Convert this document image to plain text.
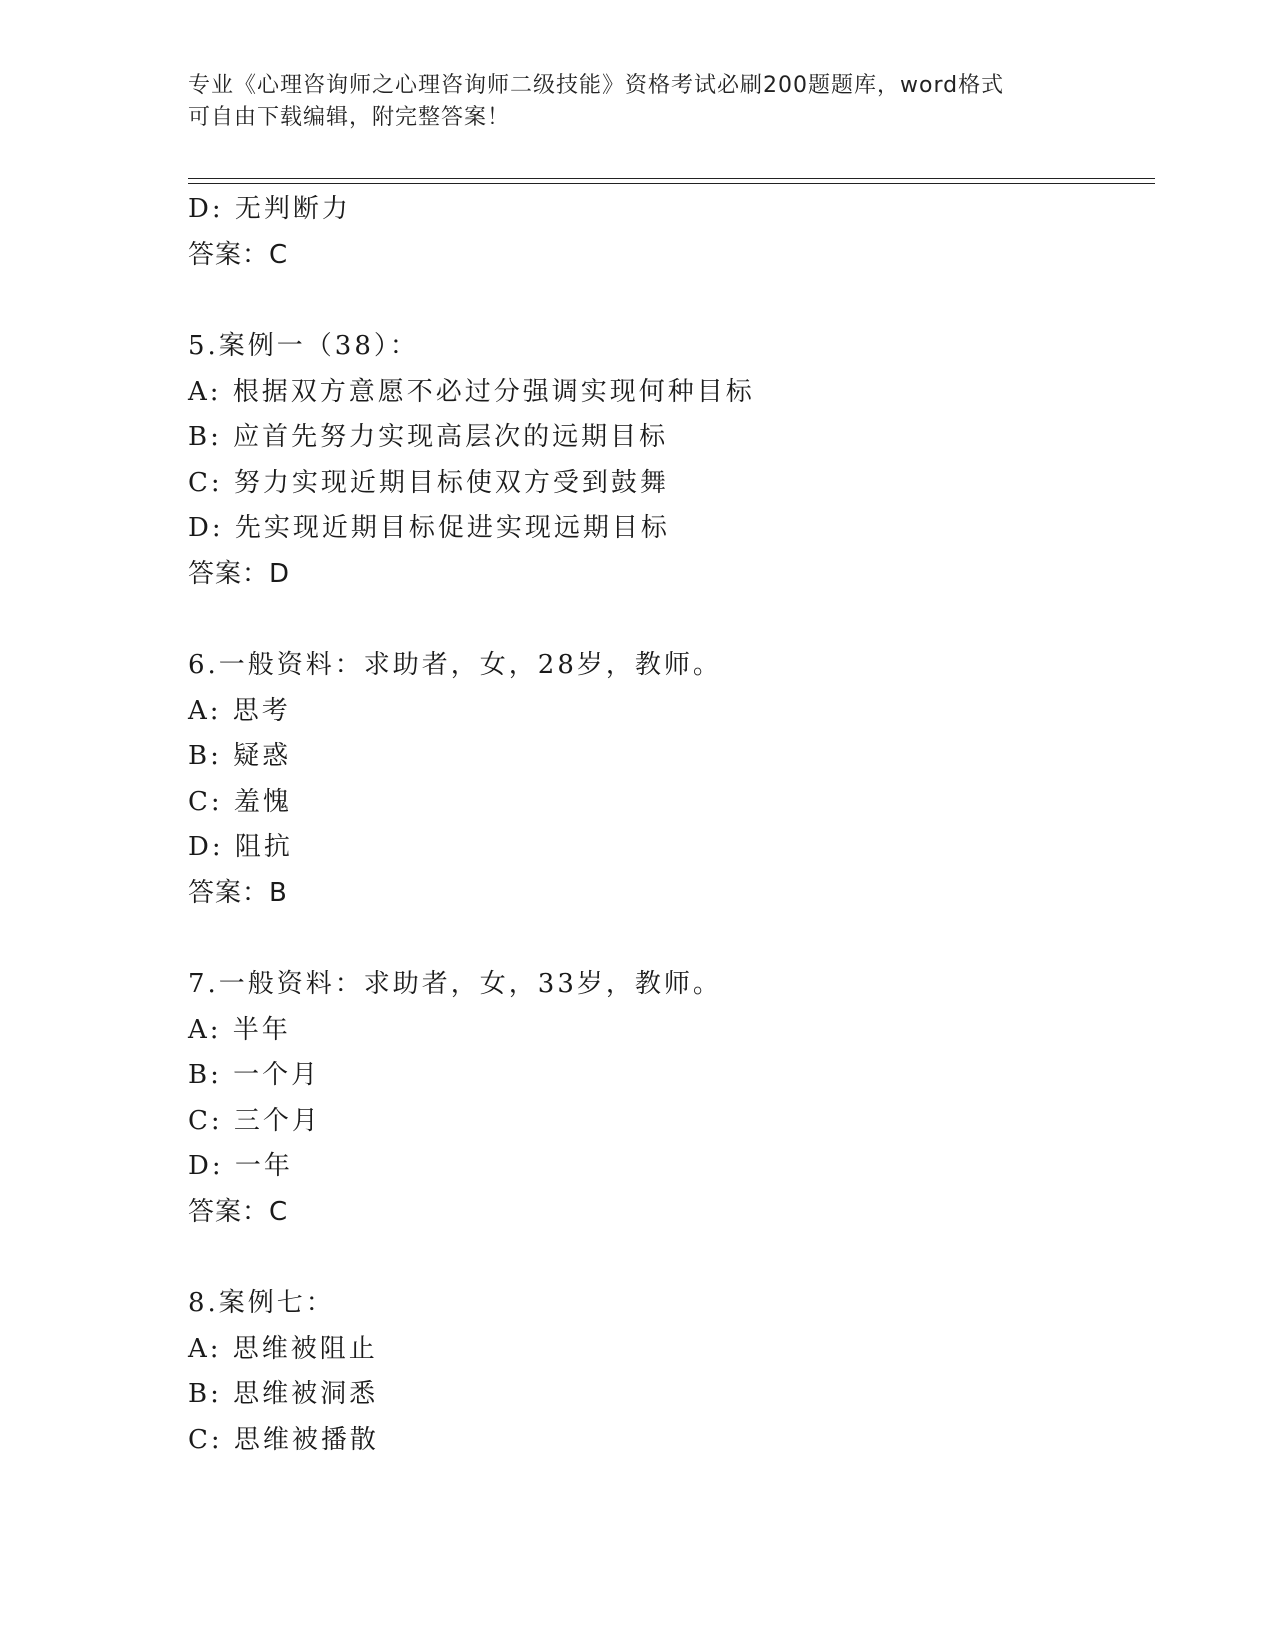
专业《心理咨询师之心理咨询师二级技能》资格考试必刷200题题库，word格式
可自由下载编辑，附完整答案！
D: 无判断力
答案：C
5.案例一（38）：
A: 根据双方意愿不必过分强调实现何种目标
B: 应首先努力实现高层次的远期目标
C: 努力实现近期目标使双方受到鼓舞
D: 先实现近期目标促进实现远期目标
答案：D
6.一般资料：求助者，女，28岁，教师。
A: 思考
B: 疑惑
C: 羞愧
D: 阻抗
答案：B
7.一般资料：求助者，女，33岁，教师。
A: 半年
B: 一个月
C: 三个月
D: 一年
答案：C
8.案例七：
A: 思维被阻止
B: 思维被洞悉
C: 思维被播散
